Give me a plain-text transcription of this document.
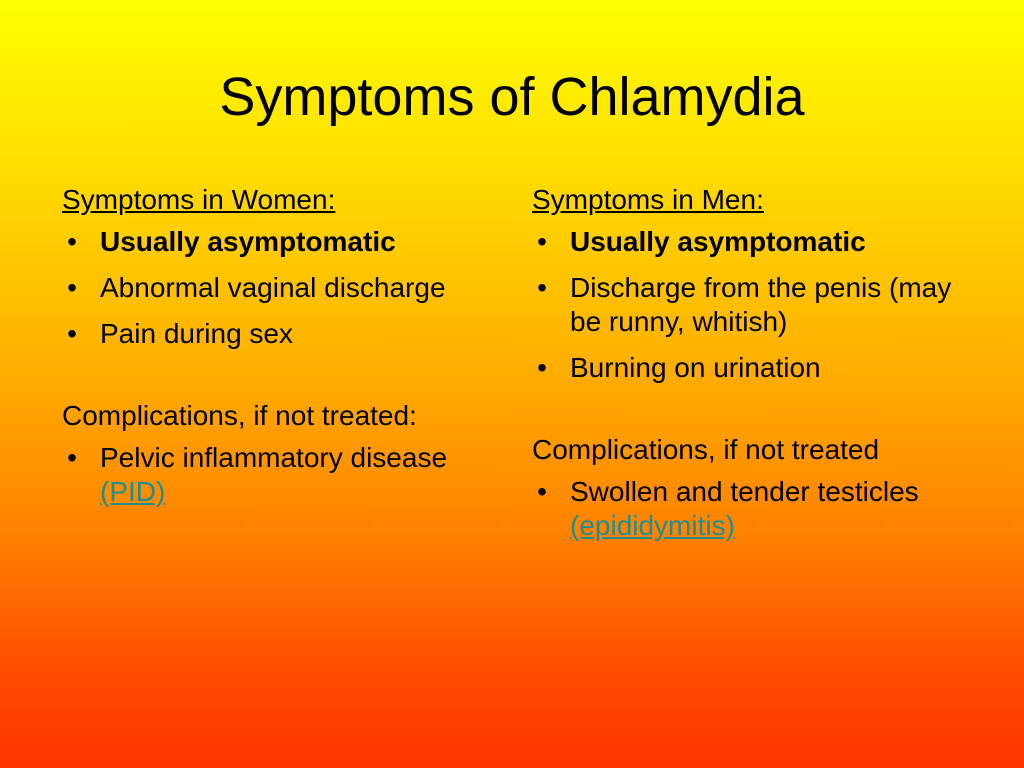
Symptoms of Chlamydia
Symptoms in Women:
• Usually asymptomatic
• Abnormal vaginal discharge
• Pain during sex
Complications, if not treated:
• Pelvic inflammatory disease (PID)
Symptoms in Men:
• Usually asymptomatic
• Discharge from the penis (may be runny, whitish)
• Burning on urination
Complications, if not treated
• Swollen and tender testicles (epididymitis)
